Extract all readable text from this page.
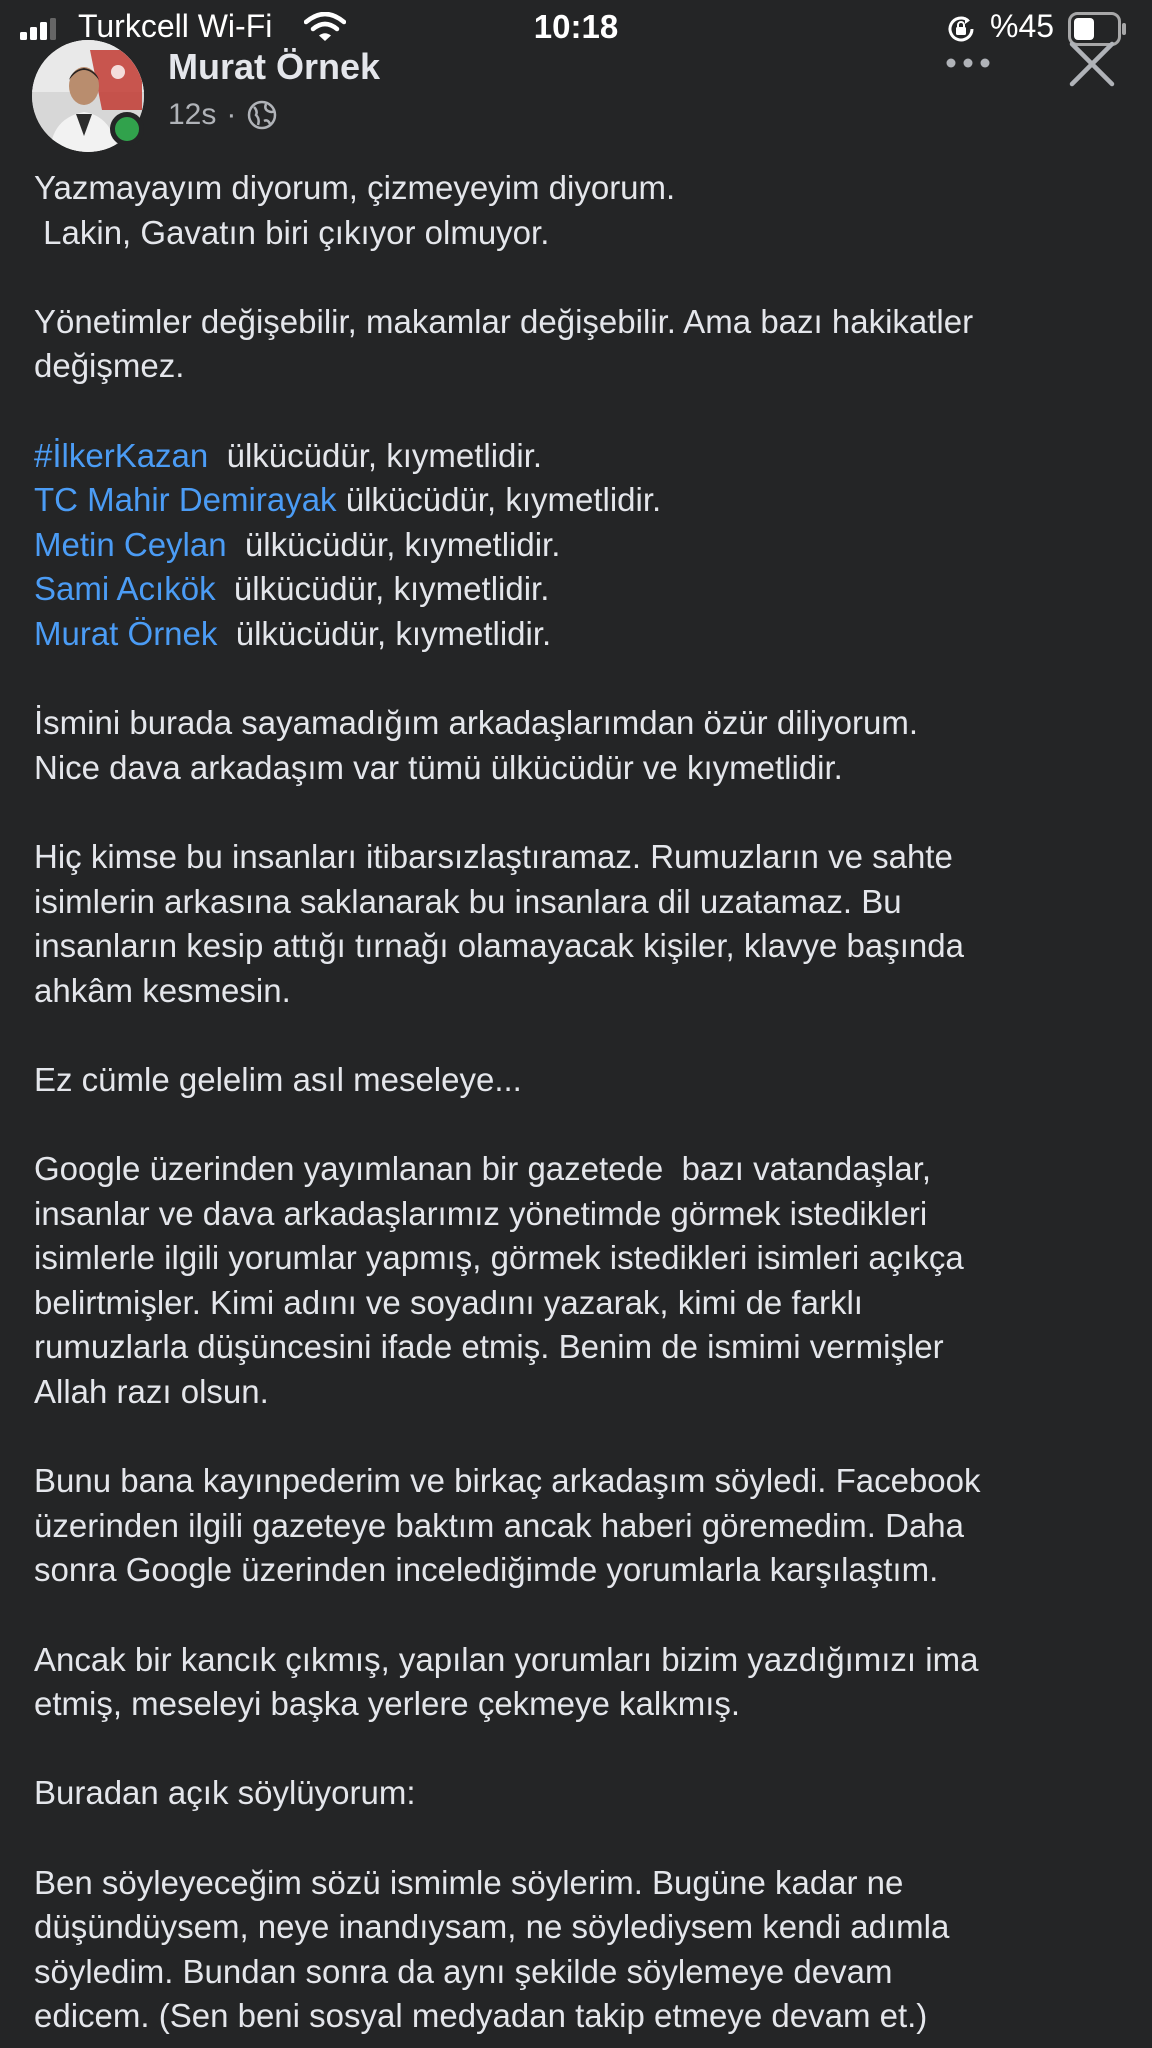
Turkcell Wi-Fi	10:18	%45
Murat Örnek
12s ·
Yazmayayım diyorum, çizmeyeyim diyorum.
Lakin, Gavatın biri çıkıyor olmuyor.
Yönetimler değişebilir, makamlar değişebilir. Ama bazı hakikatler
değişmez.
#İlkerKazan  ülkücüdür, kıymetlidir.
TC Mahir Demirayak ülkücüdür, kıymetlidir.
Metin Ceylan  ülkücüdür, kıymetlidir.
Sami Acıkök  ülkücüdür, kıymetlidir.
Murat Örnek  ülkücüdür, kıymetlidir.
İsmini burada sayamadığım arkadaşlarımdan özür diliyorum.
Nice dava arkadaşım var tümü ülkücüdür ve kıymetlidir.
Hiç kimse bu insanları itibarsızlaştıramaz. Rumuzların ve sahte
isimlerin arkasına saklanarak bu insanlara dil uzatamaz. Bu
insanların kesip attığı tırnağı olamayacak kişiler, klavye başında
ahkâm kesmesin.
Ez cümle gelelim asıl meseleye...
Google üzerinden yayımlanan bir gazetede  bazı vatandaşlar,
insanlar ve dava arkadaşlarımız yönetimde görmek istedikleri
isimlerle ilgili yorumlar yapmış, görmek istedikleri isimleri açıkça
belirtmişler. Kimi adını ve soyadını yazarak, kimi de farklı
rumuzlarla düşüncesini ifade etmiş. Benim de ismimi vermişler
Allah razı olsun.
Bunu bana kayınpederim ve birkaç arkadaşım söyledi. Facebook
üzerinden ilgili gazeteye baktım ancak haberi göremedim. Daha
sonra Google üzerinden incelediğimde yorumlarla karşılaştım.
Ancak bir kancık çıkmış, yapılan yorumları bizim yazdığımızı ima
etmiş, meseleyi başka yerlere çekmeye kalkmış.
Buradan açık söylüyorum:
Ben söyleyeceğim sözü ismimle söylerim. Bugüne kadar ne
düşündüysem, neye inandıysam, ne söylediysem kendi adımla
söyledim. Bundan sonra da aynı şekilde söylemeye devam
edicem. (Sen beni sosyal medyadan takip etmeye devam et.)
